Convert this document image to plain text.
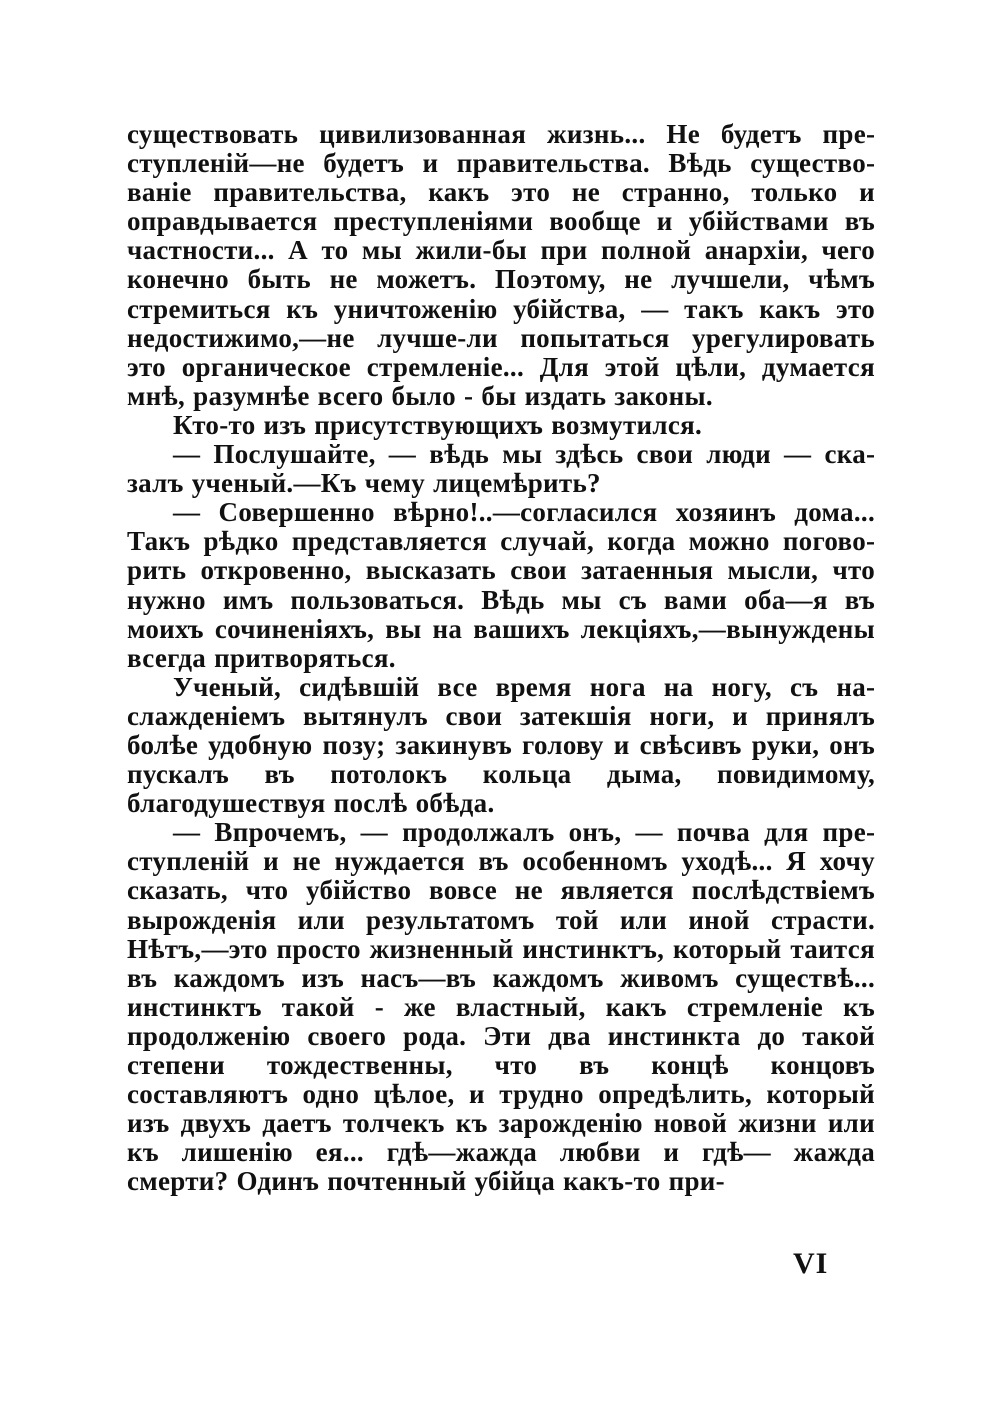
существовать цивилизованная жизнь... Не будетъ преступленій—не будетъ и правительства. Вѣдь существованіе правительства, какъ это не странно, только и оправдывается преступленіями вообще и убійствами въ частности... А то мы жили-бы при полной анархіи, чего конечно быть не можетъ. Поэтому, не лучшели, чѣмъ стремиться къ уничтоженію убійства, — такъ какъ это недостижимо,—не лучше-ли попытаться урегулировать это органическое стремленіе... Для этой цѣли, думается мнѣ, разумнѣе всего было - бы издать законы.

Кто-то изъ присутствующихъ возмутился.

— Послушайте, — вѣдь мы здѣсь свои люди — сказалъ ученый.—Къ чему лицемѣрить?

— Совершенно вѣрно!..—согласился хозяинъ дома... Такъ рѣдко представляется случай, когда можно поговорить откровенно, высказать свои затаенныя мысли, что нужно имъ пользоваться. Вѣдь мы съ вами оба—я въ моихъ сочиненіяхъ, вы на вашихъ лекціяхъ,—вынуждены всегда притворяться.

Ученый, сидѣвшій все время нога на ногу, съ наслажденіемъ вытянулъ свои затекшія ноги, и принялъ болѣе удобную позу; закинувъ голову и свѣсивъ руки, онъ пускалъ въ потолокъ кольца дыма, повидимому, благодушествуя послѣ обѣда.

— Впрочемъ, — продолжалъ онъ, — почва для преступленій и не нуждается въ особенномъ уходѣ... Я хочу сказать, что убійство вовсе не является послѣдствіемъ вырожденія или результатомъ той или иной страсти. Нѣтъ,—это просто жизненный инстинктъ, который таится въ каждомъ изъ насъ—въ каждомъ живомъ существѣ... инстинктъ такой - же властный, какъ стремленіе къ продолженію своего рода. Эти два инстинкта до такой степени тождественны, что въ концѣ концовъ составляютъ одно цѣлое, и трудно опредѣлить, который изъ двухъ даетъ толчекъ къ зарожденію новой жизни или къ лишенію ея... гдѣ—жажда любви и гдѣ— жажда смерти? Одинъ почтенный убійца какъ-то при-

VI
